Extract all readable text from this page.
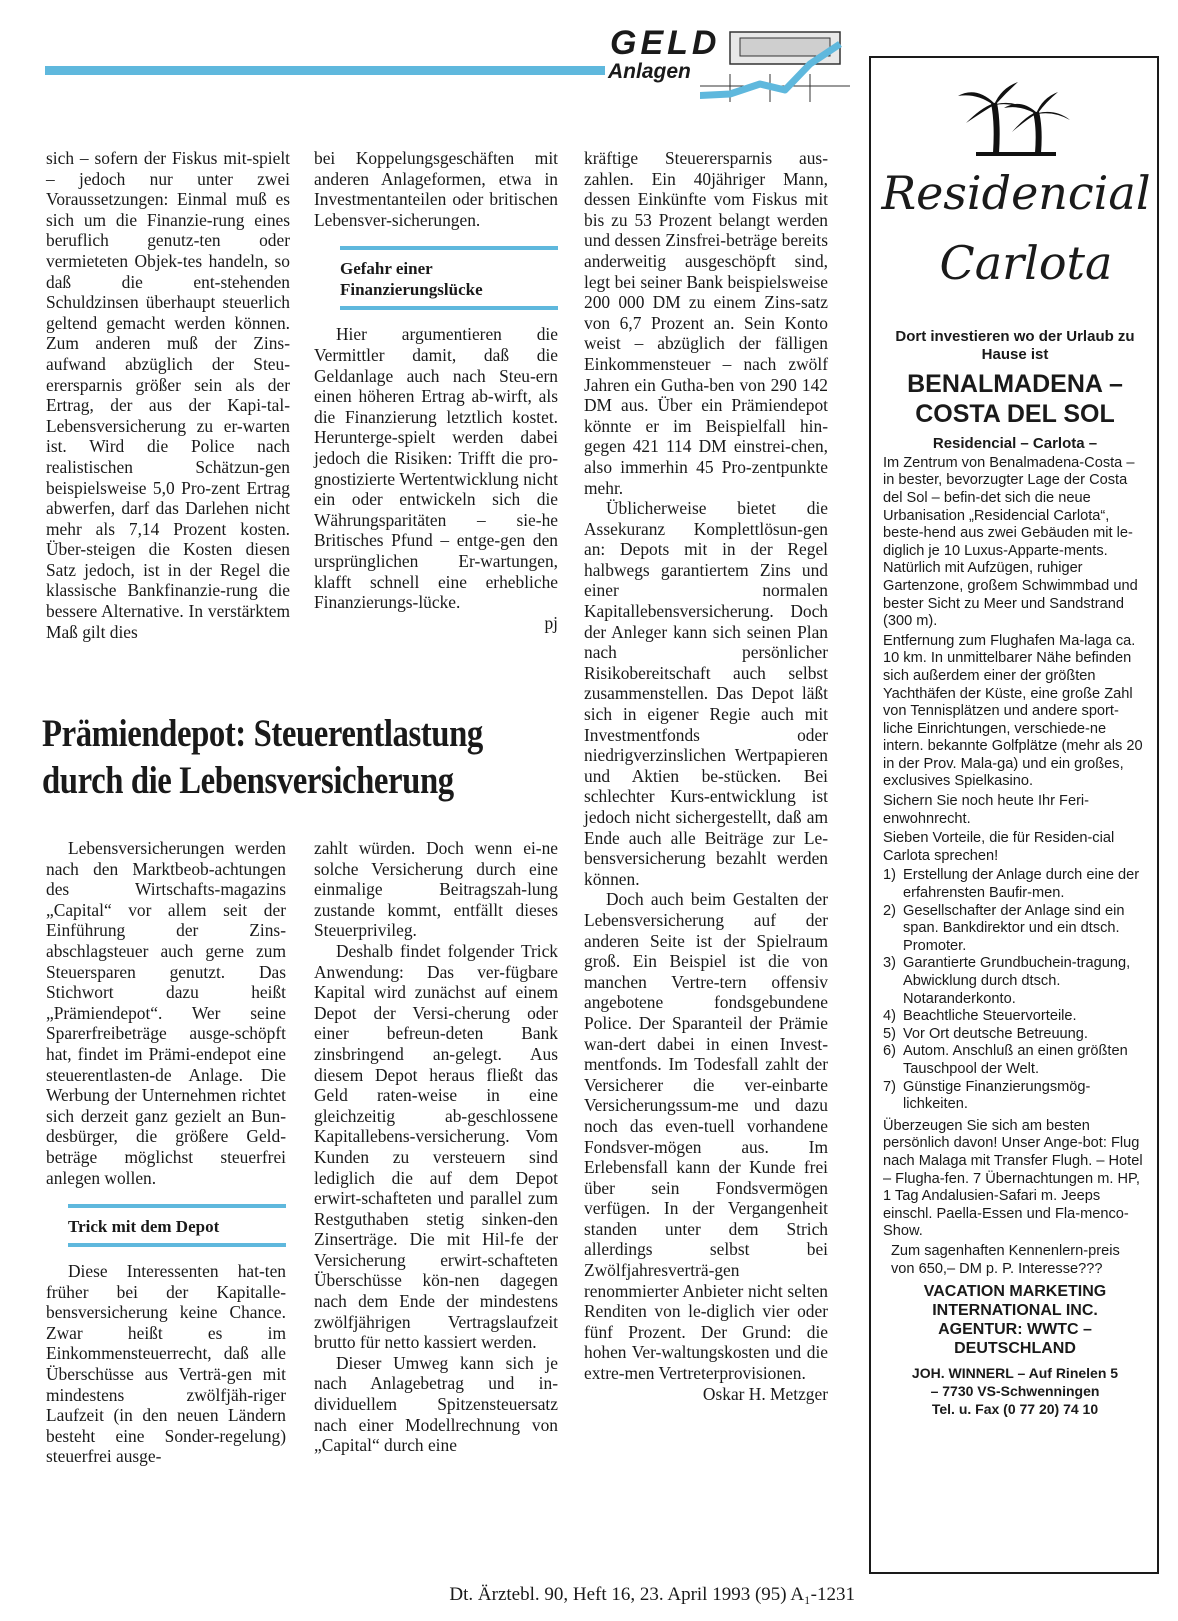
GELD
Anlagen

sich – sofern der Fiskus mit-spielt – jedoch nur unter zwei Voraussetzungen: Einmal muß es sich um die Finanzie-rung eines beruflich genutz-ten oder vermieteten Objek-tes handeln, so daß die ent-stehenden Schuldzinsen überhaupt steuerlich geltend gemacht werden können. Zum anderen muß der Zins-aufwand abzüglich der Steu-erersparnis größer sein als der Ertrag, der aus der Kapi-tal-Lebensversicherung zu er-warten ist. Wird die Police nach realistischen Schätzun-gen beispielsweise 5,0 Pro-zent Ertrag abwerfen, darf das Darlehen nicht mehr als 7,14 Prozent kosten. Über-steigen die Kosten diesen Satz jedoch, ist in der Regel die klassische Bankfinanzie-rung die bessere Alternative. In verstärktem Maß gilt dies

bei Koppelungsgeschäften mit anderen Anlageformen, etwa in Investmentanteilen oder britischen Lebensver-sicherungen.

Gefahr einer Finanzierungslücke

Hier argumentieren die Vermittler damit, daß die Geldanlage auch nach Steu-ern einen höheren Ertrag ab-wirft, als die Finanzierung letztlich kostet. Herunterge-spielt werden dabei jedoch die Risiken: Trifft die pro-gnostizierte Wertentwicklung nicht ein oder entwickeln sich die Währungsparitäten – sie-he Britisches Pfund – entge-gen den ursprünglichen Er-wartungen, klafft schnell eine erhebliche Finanzierungs-lücke.

pj
Prämiendepot: Steuerentlastung
durch die Lebensversicherung

Lebensversicherungen werden nach den Marktbeob-achtungen des Wirtschafts-magazins „Capital“ vor allem seit der Einführung der Zins-abschlagsteuer auch gerne zum Steuersparen genutzt. Das Stichwort dazu heißt „Prämiendepot“. Wer seine Sparerfreibeträge ausge-schöpft hat, findet im Prämi-endepot eine steuerentlasten-de Anlage. Die Werbung der Unternehmen richtet sich derzeit ganz gezielt an Bun-desbürger, die größere Geld-beträge möglichst steuerfrei anlegen wollen.

Trick mit dem Depot

Diese Interessenten hat-ten früher bei der Kapitalle-bensversicherung keine Chance. Zwar heißt es im Einkommensteuerrecht, daß alle Überschüsse aus Verträ-gen mit mindestens zwölfjäh-riger Laufzeit (in den neuen Ländern besteht eine Sonder-regelung) steuerfrei ausge-

zahlt würden. Doch wenn ei-ne solche Versicherung durch eine einmalige Beitragszah-lung zustande kommt, entfällt dieses Steuerprivileg.

Deshalb findet folgender Trick Anwendung: Das ver-fügbare Kapital wird zunächst auf einem Depot der Versi-cherung oder einer befreun-deten Bank zinsbringend an-gelegt. Aus diesem Depot heraus fließt das Geld raten-weise in eine gleichzeitig ab-geschlossene Kapitallebens-versicherung. Vom Kunden zu versteuern sind lediglich die auf dem Depot erwirt-schafteten und parallel zum Restguthaben stetig sinken-den Zinserträge. Die mit Hil-fe der Versicherung erwirt-schafteten Überschüsse kön-nen dagegen nach dem Ende der mindestens zwölfjährigen Vertragslaufzeit brutto für netto kassiert werden.

Dieser Umweg kann sich je nach Anlagebetrag und in-dividuellem Spitzensteuersatz nach einer Modellrechnung von „Capital“ durch eine

kräftige Steuerersparnis aus-zahlen. Ein 40jähriger Mann, dessen Einkünfte vom Fiskus mit bis zu 53 Prozent belangt werden und dessen Zinsfrei-beträge bereits anderweitig ausgeschöpft sind, legt bei seiner Bank beispielsweise 200 000 DM zu einem Zins-satz von 6,7 Prozent an. Sein Konto weist – abzüglich der fälligen Einkommensteuer – nach zwölf Jahren ein Gutha-ben von 290 142 DM aus. Über ein Prämiendepot könnte er im Beispielfall hin-gegen 421 114 DM einstrei-chen, also immerhin 45 Pro-zentpunkte mehr.

Üblicherweise bietet die Assekuranz Komplettlösun-gen an: Depots mit in der Regel halbwegs garantiertem Zins und einer normalen Kapitallebensversicherung. Doch der Anleger kann sich seinen Plan nach persönlicher Risikobereitschaft auch selbst zusammenstellen. Das Depot läßt sich in eigener Regie auch mit Investmentfonds oder niedrigverzinslichen Wertpapieren und Aktien be-stücken. Bei schlechter Kurs-entwicklung ist jedoch nicht sichergestellt, daß am Ende auch alle Beiträge zur Le-bensversicherung bezahlt werden können.

Doch auch beim Gestalten der Lebensversicherung auf der anderen Seite ist der Spielraum groß. Ein Beispiel ist die von manchen Vertre-tern offensiv angebotene fondsgebundene Police. Der Sparanteil der Prämie wan-dert dabei in einen Invest-mentfonds. Im Todesfall zahlt der Versicherer die ver-einbarte Versicherungssum-me und dazu noch das even-tuell vorhandene Fondsver-mögen aus. Im Erlebensfall kann der Kunde frei über sein Fondsvermögen verfügen. In der Vergangenheit standen unter dem Strich allerdings selbst bei Zwölfjahresverträ-gen renommierter Anbieter nicht selten Renditen von le-diglich vier oder fünf Prozent. Der Grund: die hohen Ver-waltungskosten und die extre-men Vertreterprovisionen.

Oskar H. Metzger
Residencial
Carlota

Dort investieren wo der Urlaub zu Hause ist

BENALMADENA –
COSTA DEL SOL

Residencial – Carlota –

Im Zentrum von Benalmadena-Costa – in bester, bevorzugter Lage der Costa del Sol – befin-det sich die neue Urbanisation „Residencial Carlota“, beste-hend aus zwei Gebäuden mit le-diglich je 10 Luxus-Apparte-ments. Natürlich mit Aufzügen, ruhiger Gartenzone, großem Schwimmbad und bester Sicht zu Meer und Sandstrand (300 m).

Entfernung zum Flughafen Ma-laga ca. 10 km. In unmittelbarer Nähe befinden sich außerdem einer der größten Yachthäfen der Küste, eine große Zahl von Tennisplätzen und andere sport-liche Einrichtungen, verschiede-ne intern. bekannte Golfplätze (mehr als 20 in der Prov. Mala-ga) und ein großes, exclusives Spielkasino.

Sichern Sie noch heute Ihr Feri-enwohnrecht.

Sieben Vorteile, die für Residen-cial Carlota sprechen!

1) Erstellung der Anlage durch eine der erfahrensten Baufir-men.
2) Gesellschafter der Anlage sind ein span. Bankdirektor und ein dtsch. Promoter.
3) Garantierte Grundbuchein-tragung, Abwicklung durch dtsch. Notaranderkonto.
4) Beachtliche Steuervorteile.
5) Vor Ort deutsche Betreuung.
6) Autom. Anschluß an einen größten Tauschpool der Welt.
7) Günstige Finanzierungsmög-lichkeiten.

Überzeugen Sie sich am besten persönlich davon! Unser Ange-bot: Flug nach Malaga mit Transfer Flugh. – Hotel – Flugha-fen. 7 Übernachtungen m. HP, 1 Tag Andalusien-Safari m. Jeeps einschl. Paella-Essen und Fla-menco-Show.

Zum sagenhaften Kennenlern-preis von 650,– DM p. P. Interesse???

VACATION MARKETING
INTERNATIONAL INC.
AGENTUR: WWTC –
DEUTSCHLAND
JOH. WINNERL – Auf Rinelen 5
– 7730 VS-Schwenningen
Tel. u. Fax (0 77 20) 74 10
Dt. Ärztebl. 90, Heft 16, 23. April 1993 (95) A₁-1231
